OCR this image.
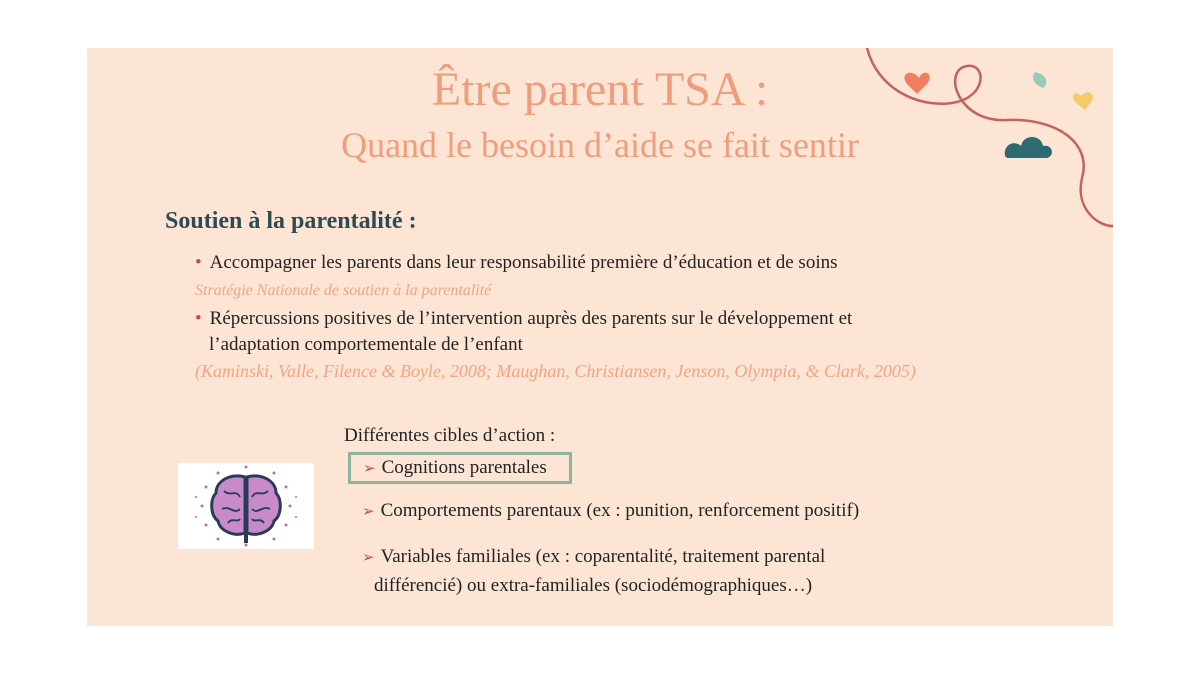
Être parent TSA :
Quand le besoin d’aide se fait sentir
Soutien à la parentalité :
• Accompagner les parents dans leur responsabilité première d’éducation et de soins
Stratégie Nationale de soutien à la parentalité
• Répercussions positives de l’intervention auprès des parents sur le développement et
l’adaptation comportementale de l’enfant
(Kaminski, Valle, Filence & Boyle, 2008; Maughan, Christiansen, Jenson, Olympia, & Clark, 2005)
Différentes cibles d’action :
➢ Cognitions parentales
➢ Comportements parentaux (ex : punition, renforcement positif)
➢ Variables familiales (ex : coparentalité, traitement parental
différencié) ou extra-familiales (sociodémographiques…)
